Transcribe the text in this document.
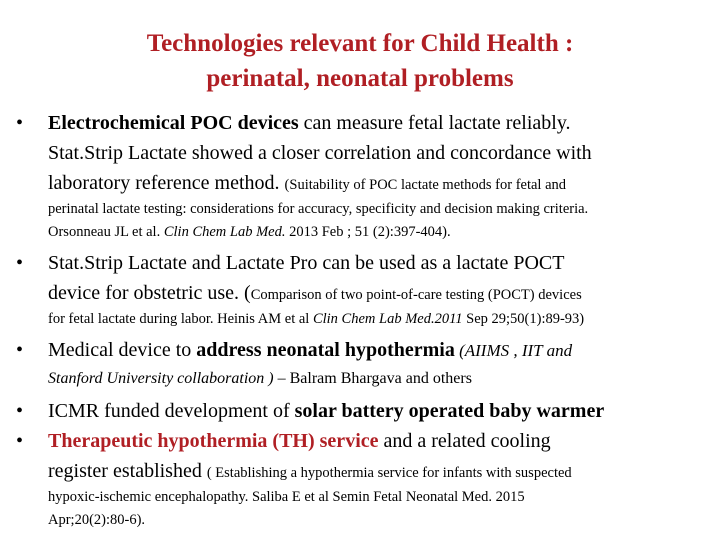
Technologies relevant for Child Health :
perinatal, neonatal problems
• Electrochemical POC devices can measure fetal lactate reliably.
Stat.Strip Lactate showed a closer correlation and concordance with
laboratory reference method. (Suitability of POC lactate methods for fetal and
perinatal lactate testing: considerations for accuracy, specificity and decision making criteria.
Orsonneau JL et al. Clin Chem Lab Med. 2013 Feb ; 51 (2):397-404).
• Stat.Strip Lactate and Lactate Pro can be used as a lactate POCT
device for obstetric use. (Comparison of two point-of-care testing (POCT) devices
for fetal lactate during labor. Heinis AM et al Clin Chem Lab Med.2011 Sep 29;50(1):89-93)
• Medical device to address neonatal hypothermia (AIIMS , IIT and
Stanford University collaboration ) – Balram Bhargava and others
• ICMR funded development of solar battery operated baby warmer
• Therapeutic hypothermia (TH) service and a related cooling
register established ( Establishing a hypothermia service for infants with suspected
hypoxic-ischemic encephalopathy. Saliba E et al Semin Fetal Neonatal Med. 2015
Apr;20(2):80-6).
